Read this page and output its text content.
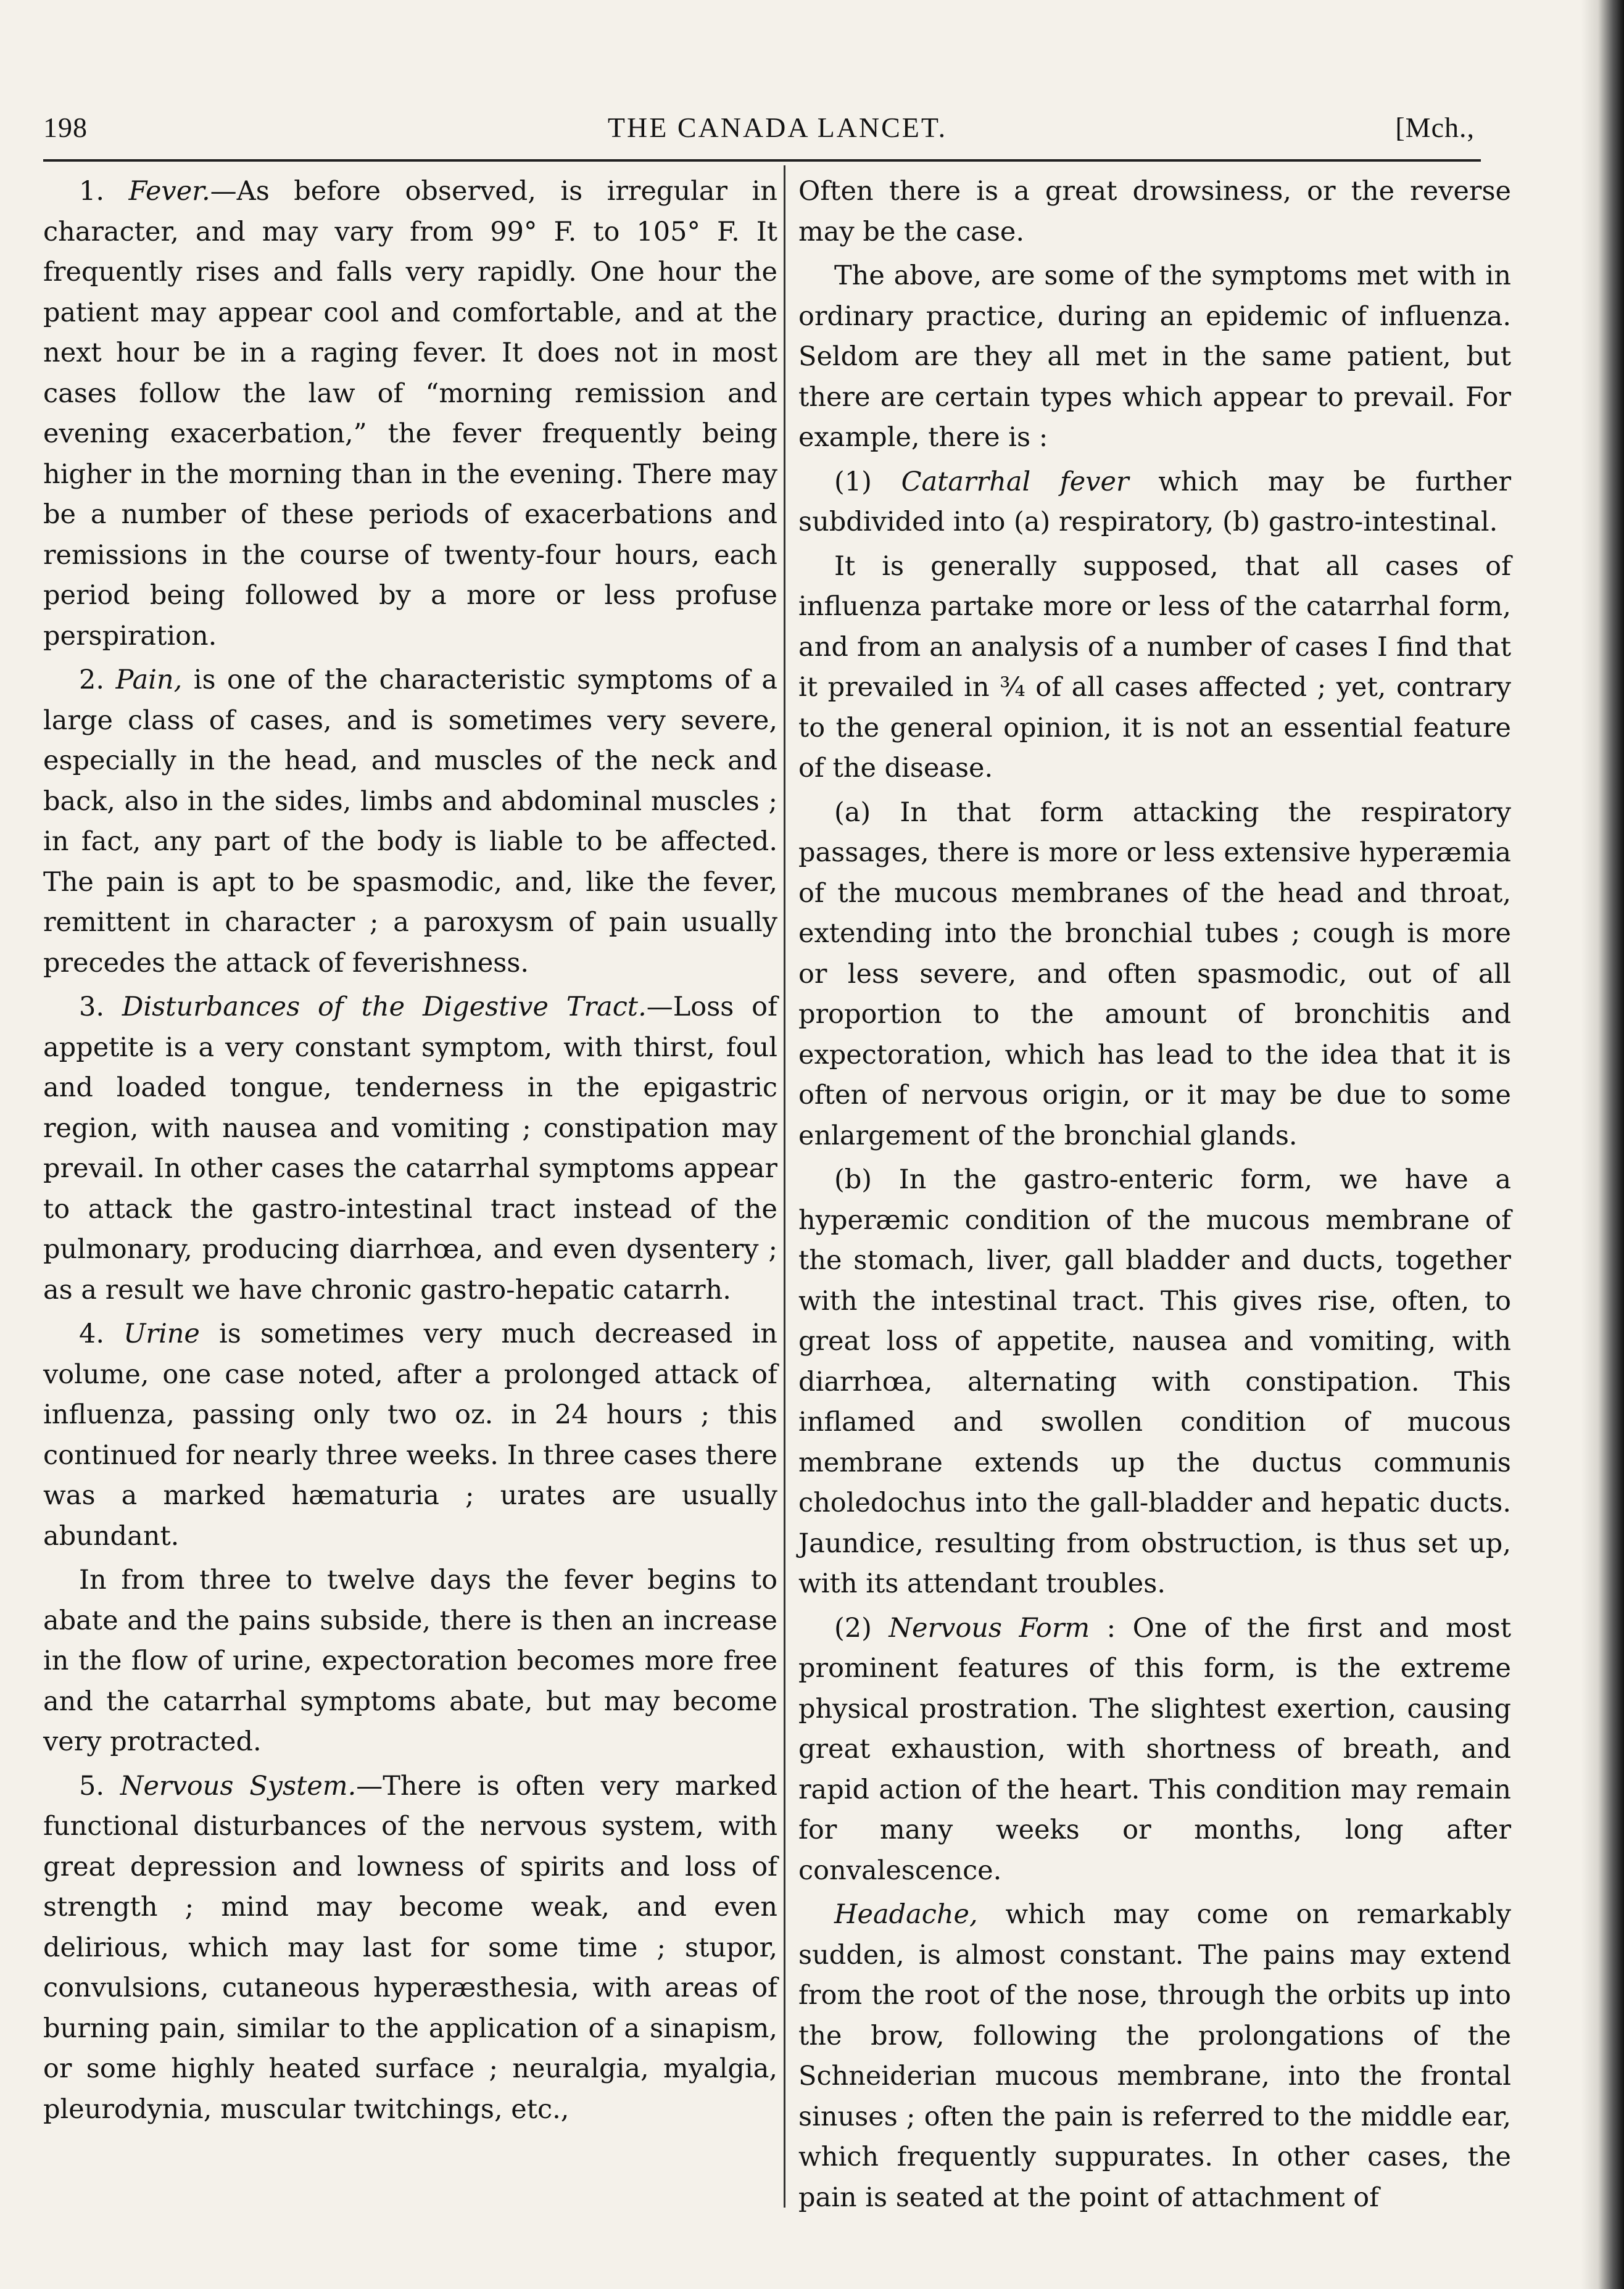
198	THE CANADA LANCET.	[Mch.,

1. Fever.—As before observed, is irregular in character, and may vary from 99° F. to 105° F. It frequently rises and falls very rapidly. One hour the patient may appear cool and comfortable, and at the next hour be in a raging fever. It does not in most cases follow the law of “morning remission and evening exacerbation,” the fever frequently being higher in the morning than in the evening. There may be a number of these periods of exacerbations and remissions in the course of twenty-four hours, each period being followed by a more or less profuse perspiration.

2. Pain, is one of the characteristic symptoms of a large class of cases, and is sometimes very severe, especially in the head, and muscles of the neck and back, also in the sides, limbs and abdominal muscles ; in fact, any part of the body is liable to be affected. The pain is apt to be spasmodic, and, like the fever, remittent in character ; a paroxysm of pain usually precedes the attack of feverishness.

3. Disturbances of the Digestive Tract.—Loss of appetite is a very constant symptom, with thirst, foul and loaded tongue, tenderness in the epigastric region, with nausea and vomiting ; constipation may prevail. In other cases the catarrhal symptoms appear to attack the gastro-intestinal tract instead of the pulmonary, producing diarrhœa, and even dysentery ; as a result we have chronic gastro-hepatic catarrh.

4. Urine is sometimes very much decreased in volume, one case noted, after a prolonged attack of influenza, passing only two oz. in 24 hours ; this continued for nearly three weeks. In three cases there was a marked hæmaturia ; urates are usually abundant.

In from three to twelve days the fever begins to abate and the pains subside, there is then an increase in the flow of urine, expectoration becomes more free and the catarrhal symptoms abate, but may become very protracted.

5. Nervous System.—There is often very marked functional disturbances of the nervous system, with great depression and lowness of spirits and loss of strength ; mind may become weak, and even delirious, which may last for some time ; stupor, convulsions, cutaneous hyperæsthesia, with areas of burning pain, similar to the application of a sinapism, or some highly heated surface ; neuralgia, myalgia, pleurodynia, muscular twitchings, etc.,

Often there is a great drowsiness, or the reverse may be the case.

The above, are some of the symptoms met with in ordinary practice, during an epidemic of influenza. Seldom are they all met in the same patient, but there are certain types which appear to prevail. For example, there is :

(1) Catarrhal fever which may be further subdivided into (a) respiratory, (b) gastro-intestinal.

It is generally supposed, that all cases of influenza partake more or less of the catarrhal form, and from an analysis of a number of cases I find that it prevailed in ¾ of all cases affected ; yet, contrary to the general opinion, it is not an essential feature of the disease.

(a) In that form attacking the respiratory passages, there is more or less extensive hyperæmia of the mucous membranes of the head and throat, extending into the bronchial tubes ; cough is more or less severe, and often spasmodic, out of all proportion to the amount of bronchitis and expectoration, which has lead to the idea that it is often of nervous origin, or it may be due to some enlargement of the bronchial glands.

(b) In the gastro-enteric form, we have a hyperæmic condition of the mucous membrane of the stomach, liver, gall bladder and ducts, together with the intestinal tract. This gives rise, often, to great loss of appetite, nausea and vomiting, with diarrhœa, alternating with constipation. This inflamed and swollen condition of mucous membrane extends up the ductus communis choledochus into the gall-bladder and hepatic ducts. Jaundice, resulting from obstruction, is thus set up, with its attendant troubles.

(2) Nervous Form : One of the first and most prominent features of this form, is the extreme physical prostration. The slightest exertion, causing great exhaustion, with shortness of breath, and rapid action of the heart. This condition may remain for many weeks or months, long after convalescence.

Headache, which may come on remarkably sudden, is almost constant. The pains may extend from the root of the nose, through the orbits up into the brow, following the prolongations of the Schneiderian mucous membrane, into the frontal sinuses ; often the pain is referred to the middle ear, which frequently suppurates. In other cases, the pain is seated at the point of attachment of
